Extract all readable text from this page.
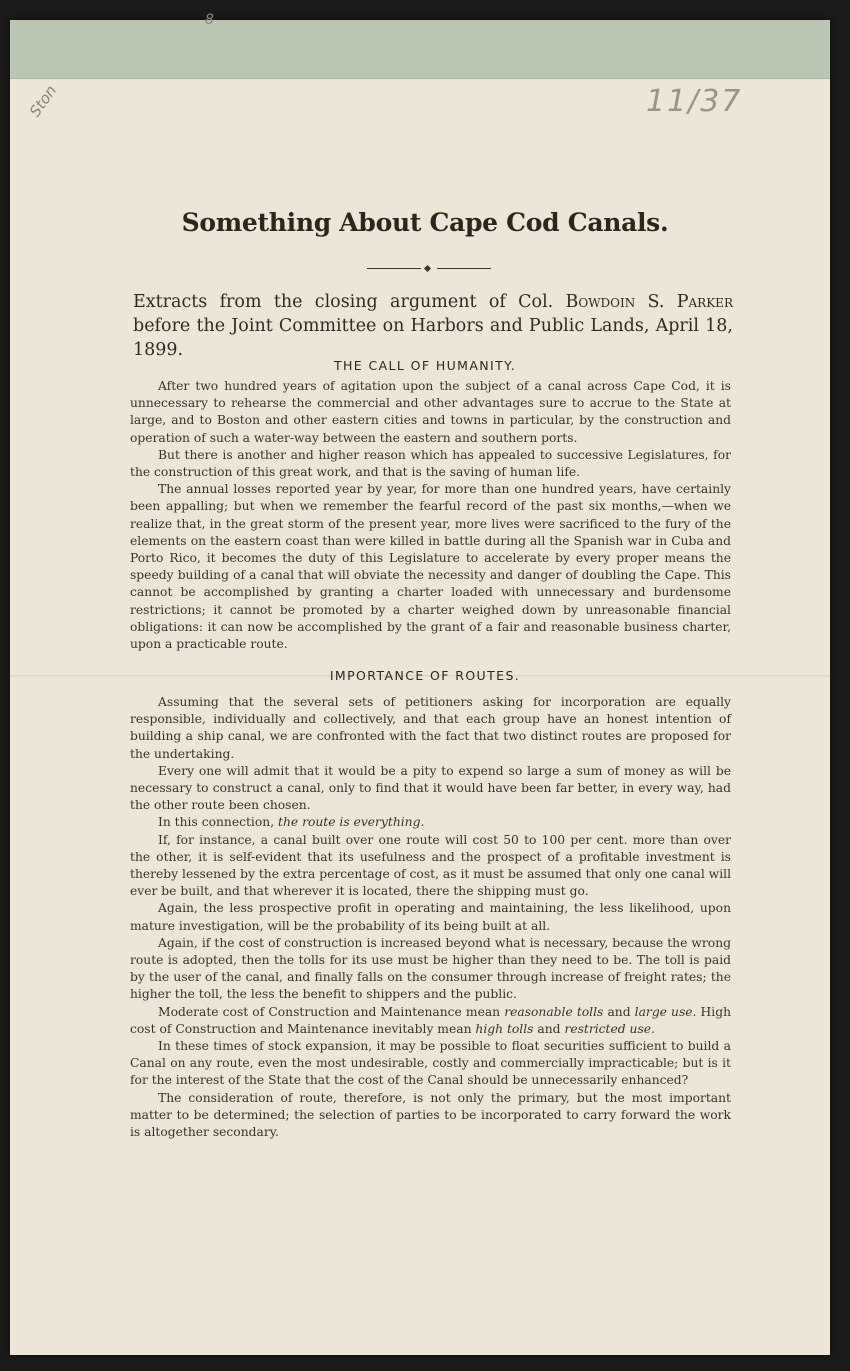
8
Ston	11/37
Something About Cape Cod Canals.
Extracts from the closing argument of Col. Bowdoin S. Parker before the Joint Committee on Harbors and Public Lands, April 18, 1899.
THE CALL OF HUMANITY.

After two hundred years of agitation upon the subject of a canal across Cape Cod, it is unnecessary to rehearse the commercial and other advantages sure to accrue to the State at large, and to Boston and other eastern cities and towns in particular, by the construction and operation of such a water-way between the eastern and southern ports.

But there is another and higher reason which has appealed to successive Legislatures, for the construction of this great work, and that is the saving of human life.

The annual losses reported year by year, for more than one hundred years, have certainly been appalling; but when we remember the fearful record of the past six months,—when we realize that, in the great storm of the present year, more lives were sacrificed to the fury of the elements on the eastern coast than were killed in battle during all the Spanish war in Cuba and Porto Rico, it becomes the duty of this Legislature to accelerate by every proper means the speedy building of a canal that will obviate the necessity and danger of doubling the Cape. This cannot be accomplished by granting a charter loaded with unnecessary and burdensome restrictions; it cannot be promoted by a charter weighed down by unreasonable financial obligations: it can now be accomplished by the grant of a fair and reasonable business charter, upon a practicable route.

IMPORTANCE OF ROUTES.

Assuming that the several sets of petitioners asking for incorporation are equally responsible, individually and collectively, and that each group have an honest intention of building a ship canal, we are confronted with the fact that two distinct routes are proposed for the undertaking.

Every one will admit that it would be a pity to expend so large a sum of money as will be necessary to construct a canal, only to find that it would have been far better, in every way, had the other route been chosen.

In this connection, the route is everything.

If, for instance, a canal built over one route will cost 50 to 100 per cent. more than over the other, it is self-evident that its usefulness and the prospect of a profitable investment is thereby lessened by the extra percentage of cost, as it must be assumed that only one canal will ever be built, and that wherever it is located, there the shipping must go.

Again, the less prospective profit in operating and maintaining, the less likelihood, upon mature investigation, will be the probability of its being built at all.

Again, if the cost of construction is increased beyond what is necessary, because the wrong route is adopted, then the tolls for its use must be higher than they need to be. The toll is paid by the user of the canal, and finally falls on the consumer through increase of freight rates; the higher the toll, the less the benefit to shippers and the public.

Moderate cost of Construction and Maintenance mean reasonable tolls and large use. High cost of Construction and Maintenance inevitably mean high tolls and restricted use.

In these times of stock expansion, it may be possible to float securities sufficient to build a Canal on any route, even the most undesirable, costly and commercially impracticable; but is it for the interest of the State that the cost of the Canal should be unnecessarily enhanced?

The consideration of route, therefore, is not only the primary, but the most important matter to be determined; the selection of parties to be incorporated to carry forward the work is altogether secondary.
